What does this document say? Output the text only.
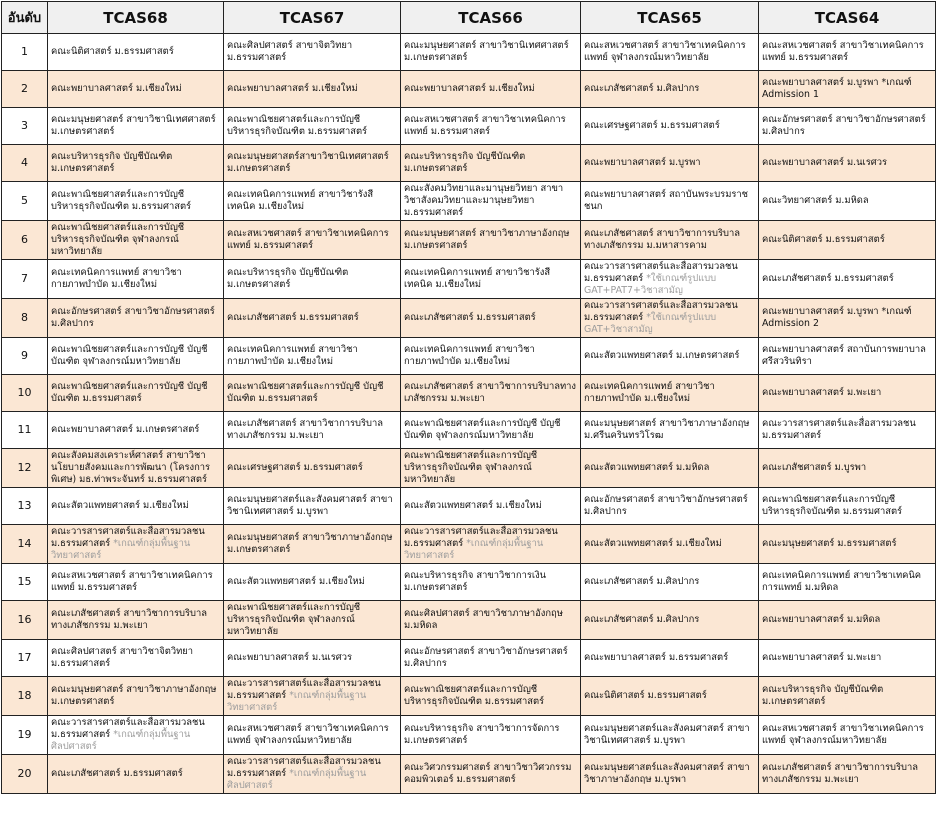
อันดับ	TCAS68	TCAS67	TCAS66	TCAS65	TCAS64
1	คณะนิติศาสตร์ ม.ธรรมศาสตร์	คณะศิลปศาสตร์ สาขาจิตวิทยา ม.ธรรมศาสตร์	คณะมนุษยศาสตร์ สาขาวิชานิเทศศาสตร์ ม.เกษตรศาสตร์	คณะสหเวชศาสตร์ สาขาวิชาเทคนิคการแพทย์ จุฬาลงกรณ์มหาวิทยาลัย	คณะสหเวชศาสตร์ สาขาวิชาเทคนิคการแพทย์ ม.ธรรมศาสตร์
2	คณะพยาบาลศาสตร์ ม.เชียงใหม่	คณะพยาบาลศาสตร์ ม.เชียงใหม่	คณะพยาบาลศาสตร์ ม.เชียงใหม่	คณะเภสัชศาสตร์ ม.ศิลปากร	คณะพยาบาลศาสตร์ ม.บูรพา *เกณฑ์ Admission 1
3	คณะมนุษยศาสตร์ สาขาวิชานิเทศศาสตร์ ม.เกษตรศาสตร์	คณะพาณิชยศาสตร์และการบัญชี บริหารธุรกิจบัณฑิต ม.ธรรมศาสตร์	คณะสหเวชศาสตร์ สาขาวิชาเทคนิคการแพทย์ ม.ธรรมศาสตร์	คณะเศรษฐศาสตร์ ม.ธรรมศาสตร์	คณะอักษรศาสตร์ สาขาวิชาอักษรศาสตร์ ม.ศิลปากร
4	คณะบริหารธุรกิจ บัญชีบัณฑิต ม.เกษตรศาสตร์	คณะมนุษยศาสตร์สาขาวิชานิเทศศาสตร์ ม.เกษตรศาสตร์	คณะบริหารธุรกิจ บัญชีบัณฑิต ม.เกษตรศาสตร์	คณะพยาบาลศาสตร์ ม.บูรพา	คณะพยาบาลศาสตร์ ม.นเรศวร
5	คณะพาณิชยศาสตร์และการบัญชี บริหารธุรกิจบัณฑิต ม.ธรรมศาสตร์	คณะเทคนิคการแพทย์ สาขาวิชารังสีเทคนิค ม.เชียงใหม่	คณะสังคมวิทยาและมานุษยวิทยา สาขาวิชาสังคมวิทยาและมานุษยวิทยา ม.ธรรมศาสตร์	คณะพยาบาลศาสตร์ สถาบันพระบรมราชชนก	คณะวิทยาศาสตร์ ม.มหิดล
6	คณะพาณิชยศาสตร์และการบัญชี บริหารธุรกิจบัณฑิต จุฬาลงกรณ์มหาวิทยาลัย	คณะสหเวชศาสตร์ สาขาวิชาเทคนิคการแพทย์ ม.ธรรมศาสตร์	คณะมนุษยศาสตร์ สาขาวิชาภาษาอังกฤษ ม.เกษตรศาสตร์	คณะเภสัชศาสตร์ สาขาวิชาการบริบาลทางเภสัชกรรม ม.มหาสารคาม	คณะนิติศาสตร์ ม.ธรรมศาสตร์
7	คณะเทคนิคการแพทย์ สาขาวิชากายภาพบำบัด ม.เชียงใหม่	คณะบริหารธุรกิจ บัญชีบัณฑิต ม.เกษตรศาสตร์	คณะเทคนิคการแพทย์ สาขาวิชารังสีเทคนิค ม.เชียงใหม่	คณะวารสารศาสตร์และสื่อสารมวลชน ม.ธรรมศาสตร์ *ใช้เกณฑ์รูปแบบ GAT+PAT7+วิชาสามัญ	คณะเภสัชศาสตร์ ม.ธรรมศาสตร์
8	คณะอักษรศาสตร์ สาขาวิชาอักษรศาสตร์ ม.ศิลปากร	คณะเภสัชศาสตร์ ม.ธรรมศาสตร์	คณะเภสัชศาสตร์ ม.ธรรมศาสตร์	คณะวารสารศาสตร์และสื่อสารมวลชน ม.ธรรมศาสตร์ *ใช้เกณฑ์รูปแบบ GAT+วิชาสามัญ	คณะพยาบาลศาสตร์ ม.บูรพา *เกณฑ์ Admission 2
9	คณะพาณิชยศาสตร์และการบัญชี บัญชีบัณฑิต จุฬาลงกรณ์มหาวิทยาลัย	คณะเทคนิคการแพทย์ สาขาวิชากายภาพบำบัด ม.เชียงใหม่	คณะเทคนิคการแพทย์ สาขาวิชากายภาพบำบัด ม.เชียงใหม่	คณะสัตวแพทยศาสตร์ ม.เกษตรศาสตร์	คณะพยาบาลศาสตร์ สถาบันการพยาบาลศรีสวรินทิรา
10	คณะพาณิชยศาสตร์และการบัญชี บัญชีบัณฑิต ม.ธรรมศาสตร์	คณะพาณิชยศาสตร์และการบัญชี บัญชีบัณฑิต ม.ธรรมศาสตร์	คณะเภสัชศาสตร์ สาขาวิชาการบริบาลทางเภสัชกรรม ม.พะเยา	คณะเทคนิคการแพทย์ สาขาวิชากายภาพบำบัด ม.เชียงใหม่	คณะพยาบาลศาสตร์ ม.พะเยา
11	คณะพยาบาลศาสตร์ ม.เกษตรศาสตร์	คณะเภสัชศาสตร์ สาขาวิชาการบริบาลทางเภสัชกรรม ม.พะเยา	คณะพาณิชยศาสตร์และการบัญชี บัญชีบัณฑิต จุฬาลงกรณ์มหาวิทยาลัย	คณะมนุษยศาสตร์ สาขาวิชาภาษาอังกฤษ ม.ศรีนครินทรวิโรฒ	คณะวารสารศาสตร์และสื่อสารมวลชน ม.ธรรมศาสตร์
12	คณะสังคมสงเคราะห์ศาสตร์ สาขาวิชานโยบายสังคมและการพัฒนา (โครงการพิเศษ) มธ.ท่าพระจันทร์ ม.ธรรมศาสตร์	คณะเศรษฐศาสตร์ ม.ธรรมศาสตร์	คณะพาณิชยศาสตร์และการบัญชี บริหารธุรกิจบัณฑิต จุฬาลงกรณ์มหาวิทยาลัย	คณะสัตวแพทยศาสตร์ ม.มหิดล	คณะเภสัชศาสตร์ ม.บูรพา
13	คณะสัตวแพทยศาสตร์ ม.เชียงใหม่	คณะมนุษยศาสตร์และสังคมศาสตร์ สาขาวิชานิเทศศาสตร์ ม.บูรพา	คณะสัตวแพทยศาสตร์ ม.เชียงใหม่	คณะอักษรศาสตร์ สาขาวิชาอักษรศาสตร์ ม.ศิลปากร	คณะพาณิชยศาสตร์และการบัญชี บริหารธุรกิจบัณฑิต ม.ธรรมศาสตร์
14	คณะวารสารศาสตร์และสื่อสารมวลชน ม.ธรรมศาสตร์ *เกณฑ์กลุ่มพื้นฐานวิทยาศาสตร์	คณะมนุษยศาสตร์ สาขาวิชาภาษาอังกฤษ ม.เกษตรศาสตร์	คณะวารสารศาสตร์และสื่อสารมวลชน ม.ธรรมศาสตร์ *เกณฑ์กลุ่มพื้นฐานวิทยาศาสตร์	คณะสัตวแพทยศาสตร์ ม.เชียงใหม่	คณะมนุษยศาสตร์ ม.ธรรมศาสตร์
15	คณะสหเวชศาสตร์ สาขาวิชาเทคนิคการแพทย์ ม.ธรรมศาสตร์	คณะสัตวแพทยศาสตร์ ม.เชียงใหม่	คณะบริหารธุรกิจ สาขาวิชาการเงิน ม.เกษตรศาสตร์	คณะเภสัชศาสตร์ ม.ศิลปากร	คณะเทคนิคการแพทย์ สาขาวิชาเทคนิคการแพทย์ ม.มหิดล
16	คณะเภสัชศาสตร์ สาขาวิชาการบริบาลทางเภสัชกรรม ม.พะเยา	คณะพาณิชยศาสตร์และการบัญชี บริหารธุรกิจบัณฑิต จุฬาลงกรณ์มหาวิทยาลัย	คณะศิลปศาสตร์ สาขาวิชาภาษาอังกฤษ ม.มหิดล	คณะเภสัชศาสตร์ ม.ศิลปากร	คณะพยาบาลศาสตร์ ม.มหิดล
17	คณะศิลปศาสตร์ สาขาวิชาจิตวิทยา ม.ธรรมศาสตร์	คณะพยาบาลศาสตร์ ม.นเรศวร	คณะอักษรศาสตร์ สาขาวิชาอักษรศาสตร์ ม.ศิลปากร	คณะพยาบาลศาสตร์ ม.ธรรมศาสตร์	คณะพยาบาลศาสตร์ ม.พะเยา
18	คณะมนุษยศาสตร์ สาขาวิชาภาษาอังกฤษ ม.เกษตรศาสตร์	คณะวารสารศาสตร์และสื่อสารมวลชน ม.ธรรมศาสตร์ *เกณฑ์กลุ่มพื้นฐานวิทยาศาสตร์	คณะพาณิชยศาสตร์และการบัญชี บริหารธุรกิจบัณฑิต ม.ธรรมศาสตร์	คณะนิติศาสตร์ ม.ธรรมศาสตร์	คณะบริหารธุรกิจ บัญชีบัณฑิต ม.เกษตรศาสตร์
19	คณะวารสารศาสตร์และสื่อสารมวลชน ม.ธรรมศาสตร์ *เกณฑ์กลุ่มพื้นฐานศิลปศาสตร์	คณะสหเวชศาสตร์ สาขาวิชาเทคนิคการแพทย์ จุฬาลงกรณ์มหาวิทยาลัย	คณะบริหารธุรกิจ สาขาวิชาการจัดการ ม.เกษตรศาสตร์	คณะมนุษยศาสตร์และสังคมศาสตร์ สาขาวิชานิเทศศาสตร์ ม.บูรพา	คณะสหเวชศาสตร์ สาขาวิชาเทคนิคการแพทย์ จุฬาลงกรณ์มหาวิทยาลัย
20	คณะเภสัชศาสตร์ ม.ธรรมศาสตร์	คณะวารสารศาสตร์และสื่อสารมวลชน ม.ธรรมศาสตร์ *เกณฑ์กลุ่มพื้นฐานศิลปศาสตร์	คณะวิศวกรรมศาสตร์ สาขาวิชาวิศวกรรมคอมพิวเตอร์ ม.ธรรมศาสตร์	คณะมนุษยศาสตร์และสังคมศาสตร์ สาขาวิชาภาษาอังกฤษ ม.บูรพา	คณะเภสัชศาสตร์ สาขาวิชาการบริบาลทางเภสัชกรรม ม.พะเยา
